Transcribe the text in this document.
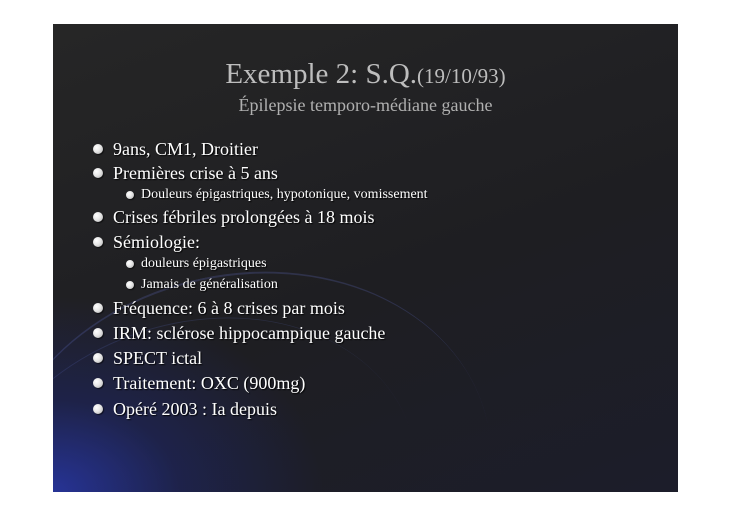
Exemple 2: S.Q.(19/10/93)
Épilepsie temporo-médiane gauche
9ans, CM1, Droitier
Premières crise à 5 ans
Douleurs épigastriques, hypotonique, vomissement
Crises fébriles prolongées à 18 mois
Sémiologie:
douleurs épigastriques
Jamais de généralisation
Fréquence: 6 à 8 crises par mois
IRM: sclérose hippocampique gauche
SPECT ictal
Traitement: OXC (900mg)
Opéré 2003 : Ia depuis
